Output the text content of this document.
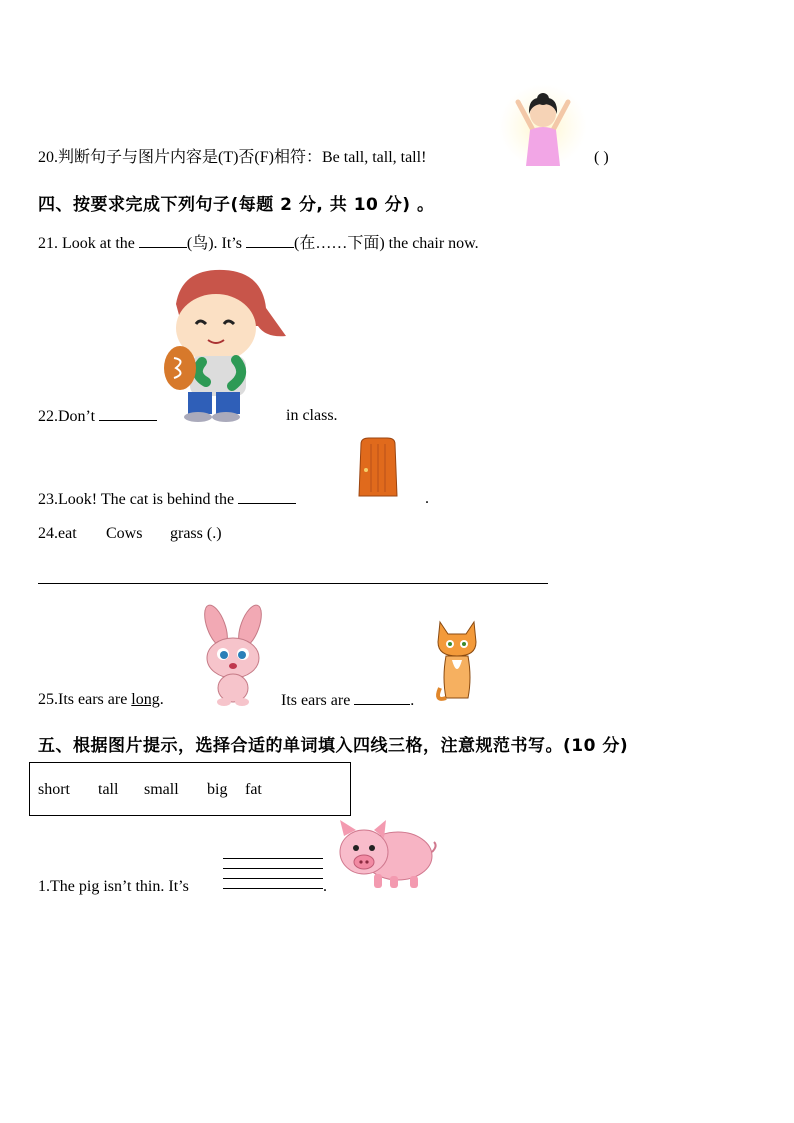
20.判断句子与图片内容是(T)否(F)相符：Be tall, tall, tall!	( )
四、按要求完成下列句子(每题 2 分, 共 10 分) 。
21. Look at the	(鸟). It’s	(在……下面) the chair now.
22.Don’t	in class.
23.Look! The cat is behind the	.
24.eat Cows grass (.)
25.Its ears are long.	Its ears are	.
五、根据图片提示，选择合适的单词填入四线三格，注意规范书写。(10 分)
short tall small big fat
1.The pig isn’t thin. It’s	.
